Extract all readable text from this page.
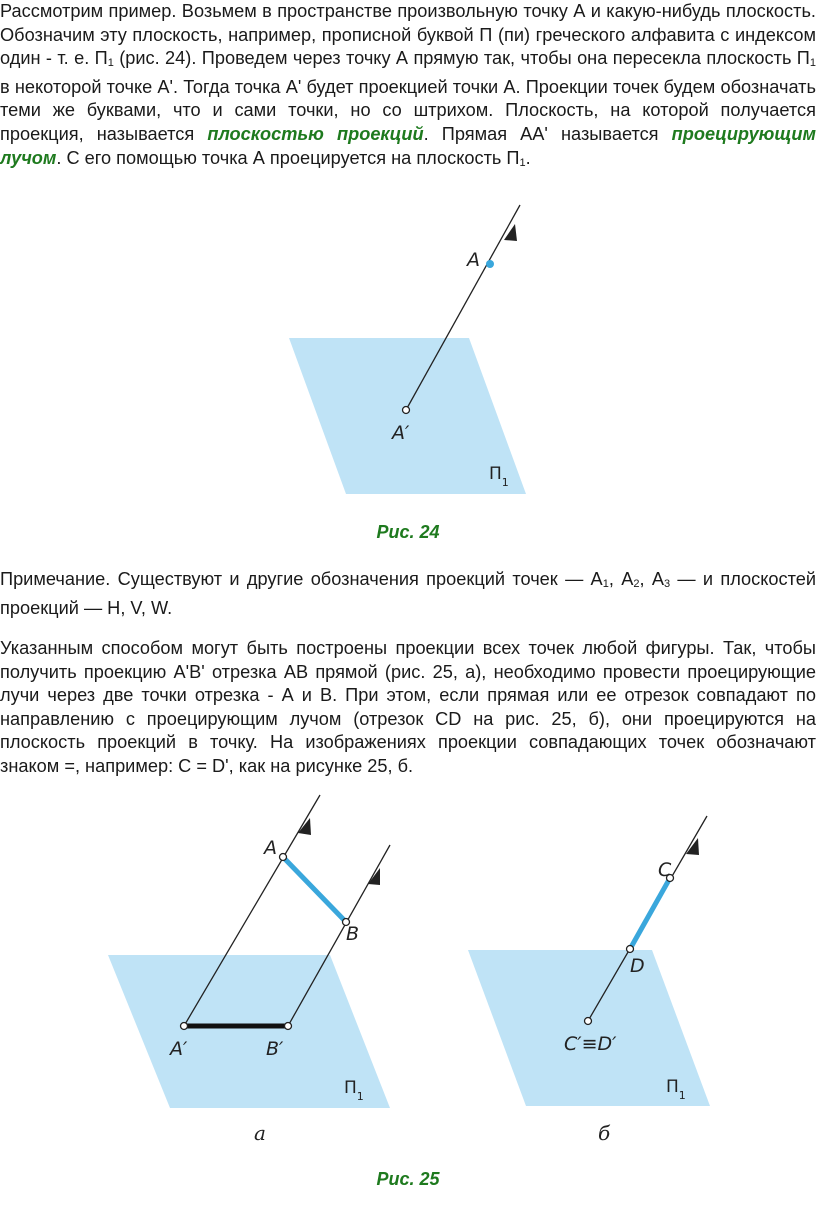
Рассмотрим пример. Возьмем в пространстве произвольную точку А и какую-нибудь плоскость. Обозначим эту плоскость, например, прописной буквой П (пи) греческого алфавита с индексом один - т. е. $П_1$ (рис. 24). Проведем через точку А прямую так, чтобы она пересекла плоскость $П_1$ в некоторой точке А'. Тогда точка А' будет проекцией точки А. Проекции точек будем обозначать теми же буквами, что и сами точки, но со штрихом. Плоскость, на которой получается проекция, называется плоскостью проекций. Прямая АА' называется проецирующим лучом. С его помощью точка А проецируется на плоскость $П_1$.

A
A′
$П_1$
Рис. 24

Примечание. Существуют и другие обозначения проекций точек — $А_1$, $А_2$, $А_3$ — и плоскостей проекций — H, V, W.

Указанным способом могут быть построены проекции всех точек любой фигуры. Так, чтобы получить проекцию А'В' отрезка АВ прямой (рис. 25, а), необходимо провести проецирующие лучи через две точки отрезка - А и В. При этом, если прямая или ее отрезок совпадают по направлению с проецирующим лучом (отрезок CD на рис. 25, б), они проецируются на плоскость проекций в точку. На изображениях проекции совпадающих точек обозначают знаком =, например: С = D', как на рисунке 25, б.

A
B
A′	B′
$П_1$
а
C
D
C′≡D′
$П_1$
б
Рис. 25
